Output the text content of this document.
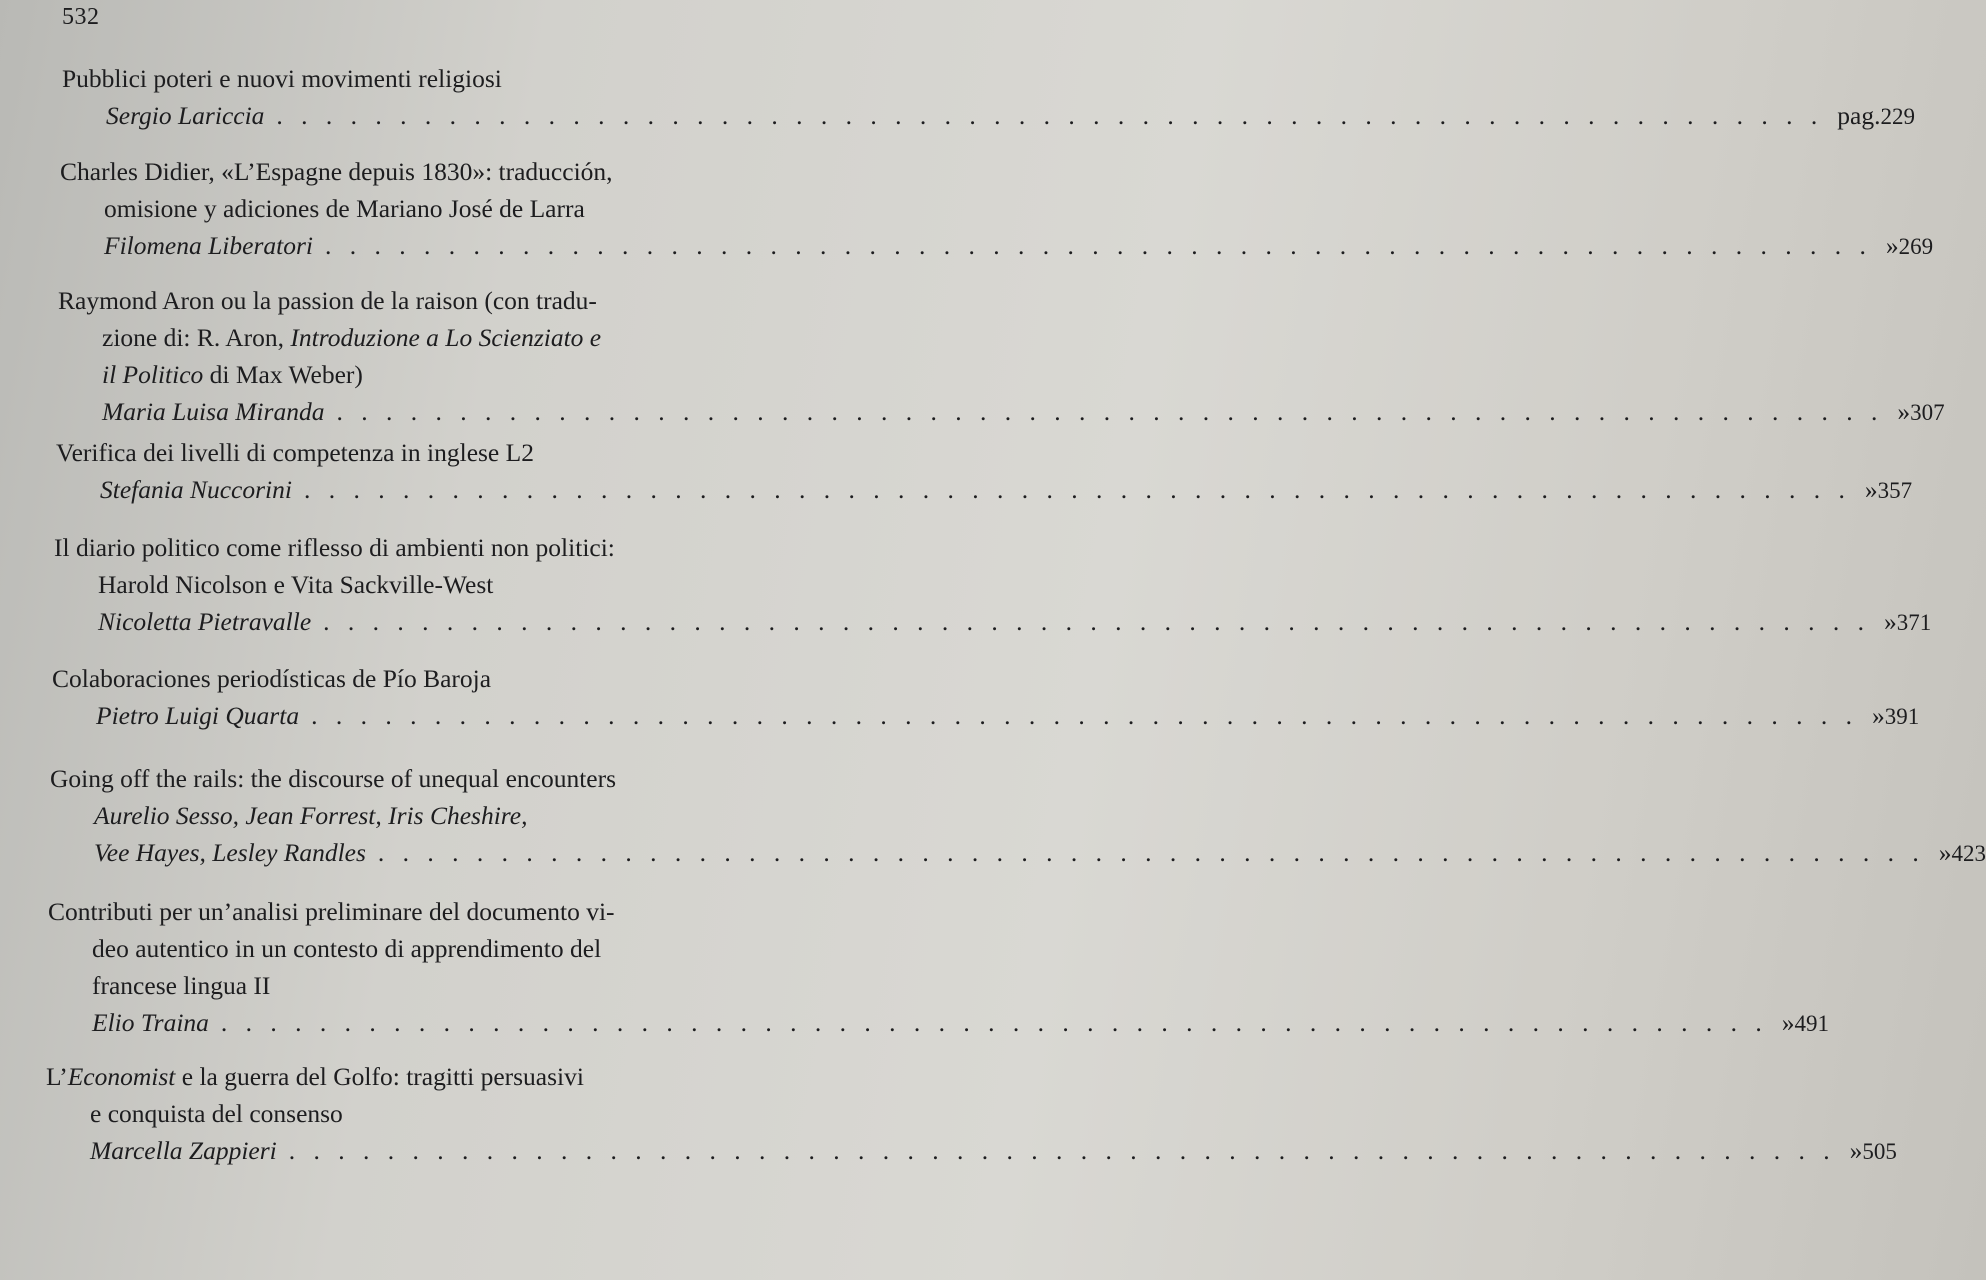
532
Pubblici poteri e nuovi movimenti religiosi
Sergio Lariccia . . .	pag. 229
Charles Didier, «L’Espagne depuis 1830»: traducción,
omisione y adiciones de Mariano José de Larra
Filomena Liberatori . . .	» 269
Raymond Aron ou la passion de la raison (con tradu-
zione di: R. Aron, Introduzione a Lo Scienziato e
il Politico di Max Weber)
Maria Luisa Miranda . . .	» 307
Verifica dei livelli di competenza in inglese L2
Stefania Nuccorini . . .	» 357
Il diario politico come riflesso di ambienti non politici:
Harold Nicolson e Vita Sackville-West
Nicoletta Pietravalle . . .	» 371
Colaboraciones periodísticas de Pío Baroja
Pietro Luigi Quarta . . .	» 391
Going off the rails: the discourse of unequal encounters
Aurelio Sesso, Jean Forrest, Iris Cheshire,
Vee Hayes, Lesley Randles . . .	» 423
Contributi per un’analisi preliminare del documento vi-
deo autentico in un contesto di apprendimento del
francese lingua II
Elio Traina . . .	» 491
L’Economist e la guerra del Golfo: tragitti persuasivi
e conquista del consenso
Marcella Zappieri . . .	» 505
